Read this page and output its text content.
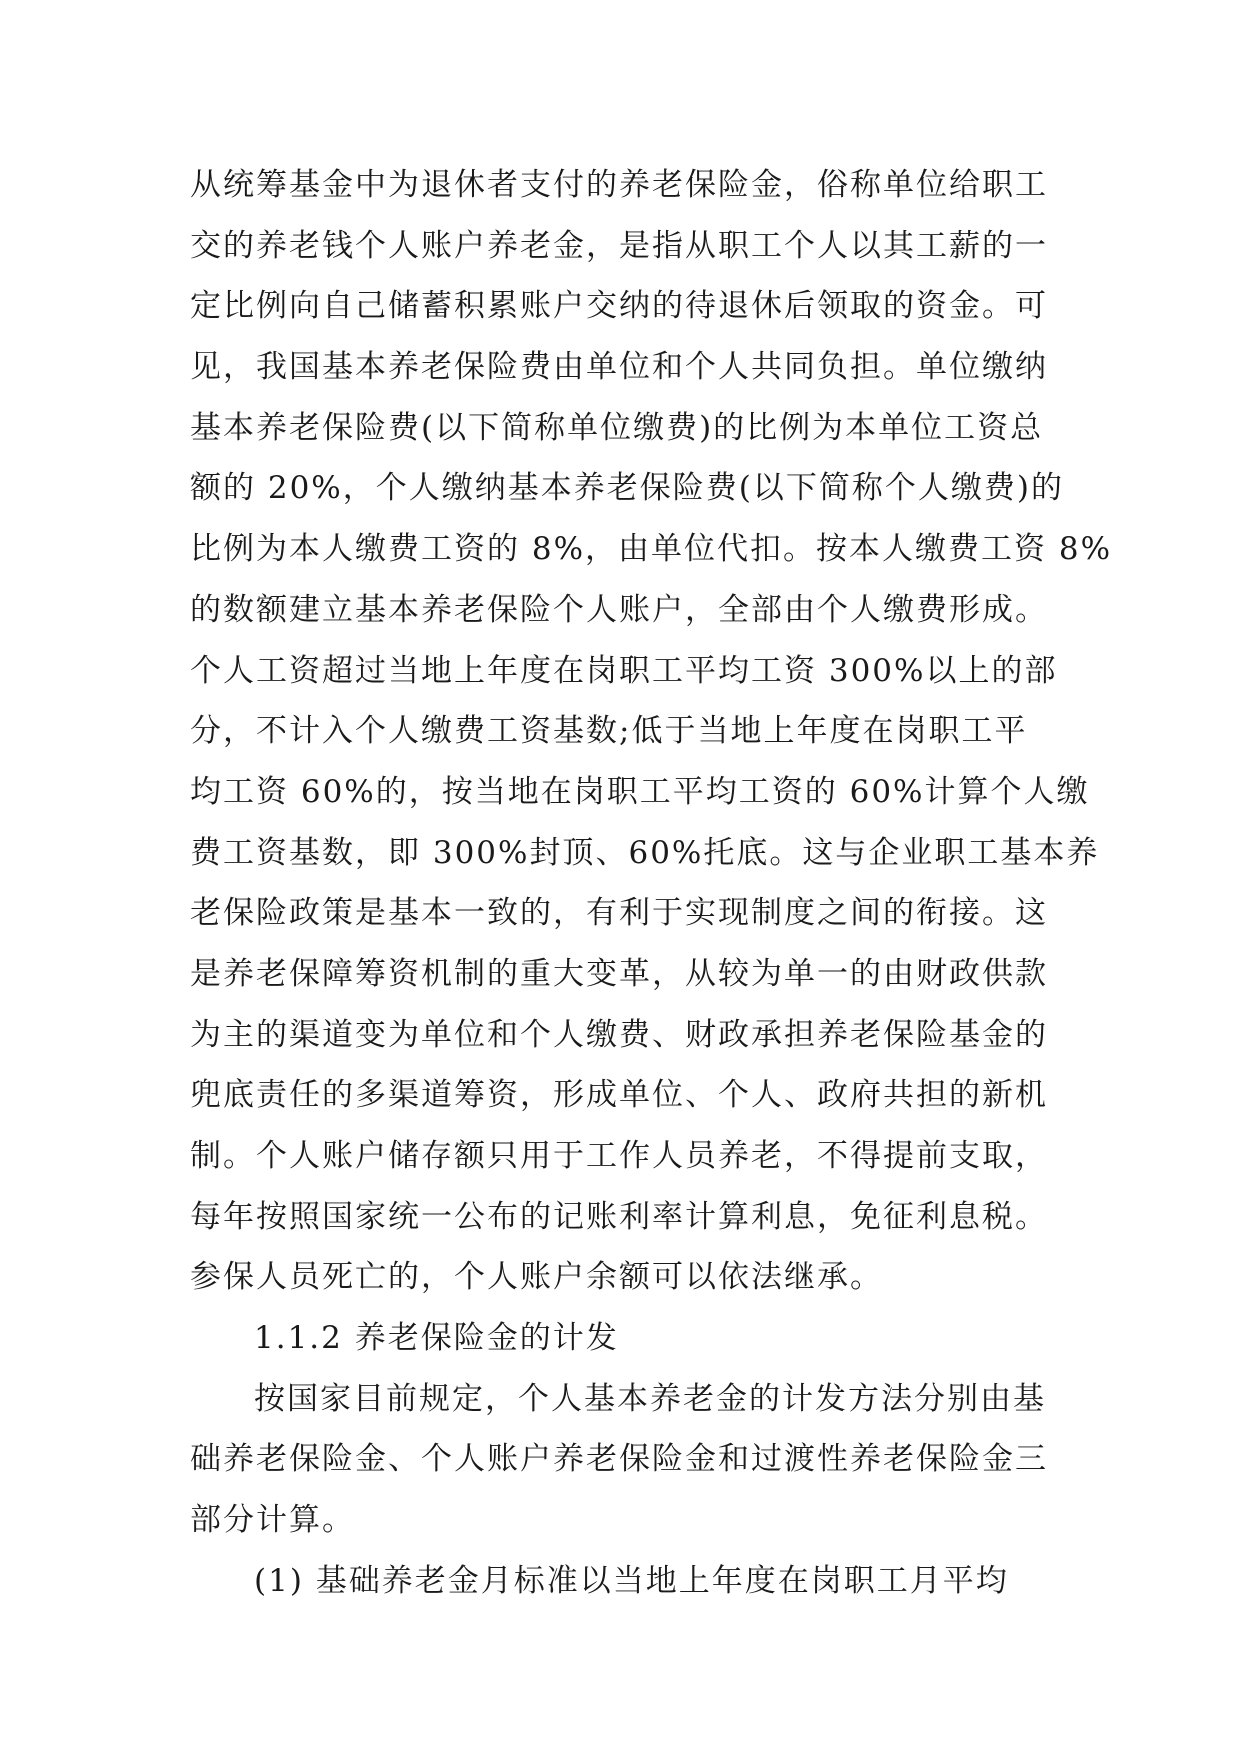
从统筹基金中为退休者支付的养老保险金，俗称单位给职工
交的养老钱个人账户养老金，是指从职工个人以其工薪的一
定比例向自己储蓄积累账户交纳的待退休后领取的资金。可
见，我国基本养老保险费由单位和个人共同负担。单位缴纳
基本养老保险费(以下简称单位缴费)的比例为本单位工资总
额的 20%，个人缴纳基本养老保险费(以下简称个人缴费)的
比例为本人缴费工资的 8%，由单位代扣。按本人缴费工资 8%
的数额建立基本养老保险个人账户，全部由个人缴费形成。
个人工资超过当地上年度在岗职工平均工资 300%以上的部
分，不计入个人缴费工资基数;低于当地上年度在岗职工平
均工资 60%的，按当地在岗职工平均工资的 60%计算个人缴
费工资基数，即 300%封顶、60%托底。这与企业职工基本养
老保险政策是基本一致的，有利于实现制度之间的衔接。这
是养老保障筹资机制的重大变革，从较为单一的由财政供款
为主的渠道变为单位和个人缴费、财政承担养老保险基金的
兜底责任的多渠道筹资，形成单位、个人、政府共担的新机
制。个人账户储存额只用于工作人员养老，不得提前支取，
每年按照国家统一公布的记账利率计算利息，免征利息税。
参保人员死亡的，个人账户余额可以依法继承。
1.1.2 养老保险金的计发
按国家目前规定，个人基本养老金的计发方法分别由基
础养老保险金、个人账户养老保险金和过渡性养老保险金三
部分计算。
(1) 基础养老金月标准以当地上年度在岗职工月平均
